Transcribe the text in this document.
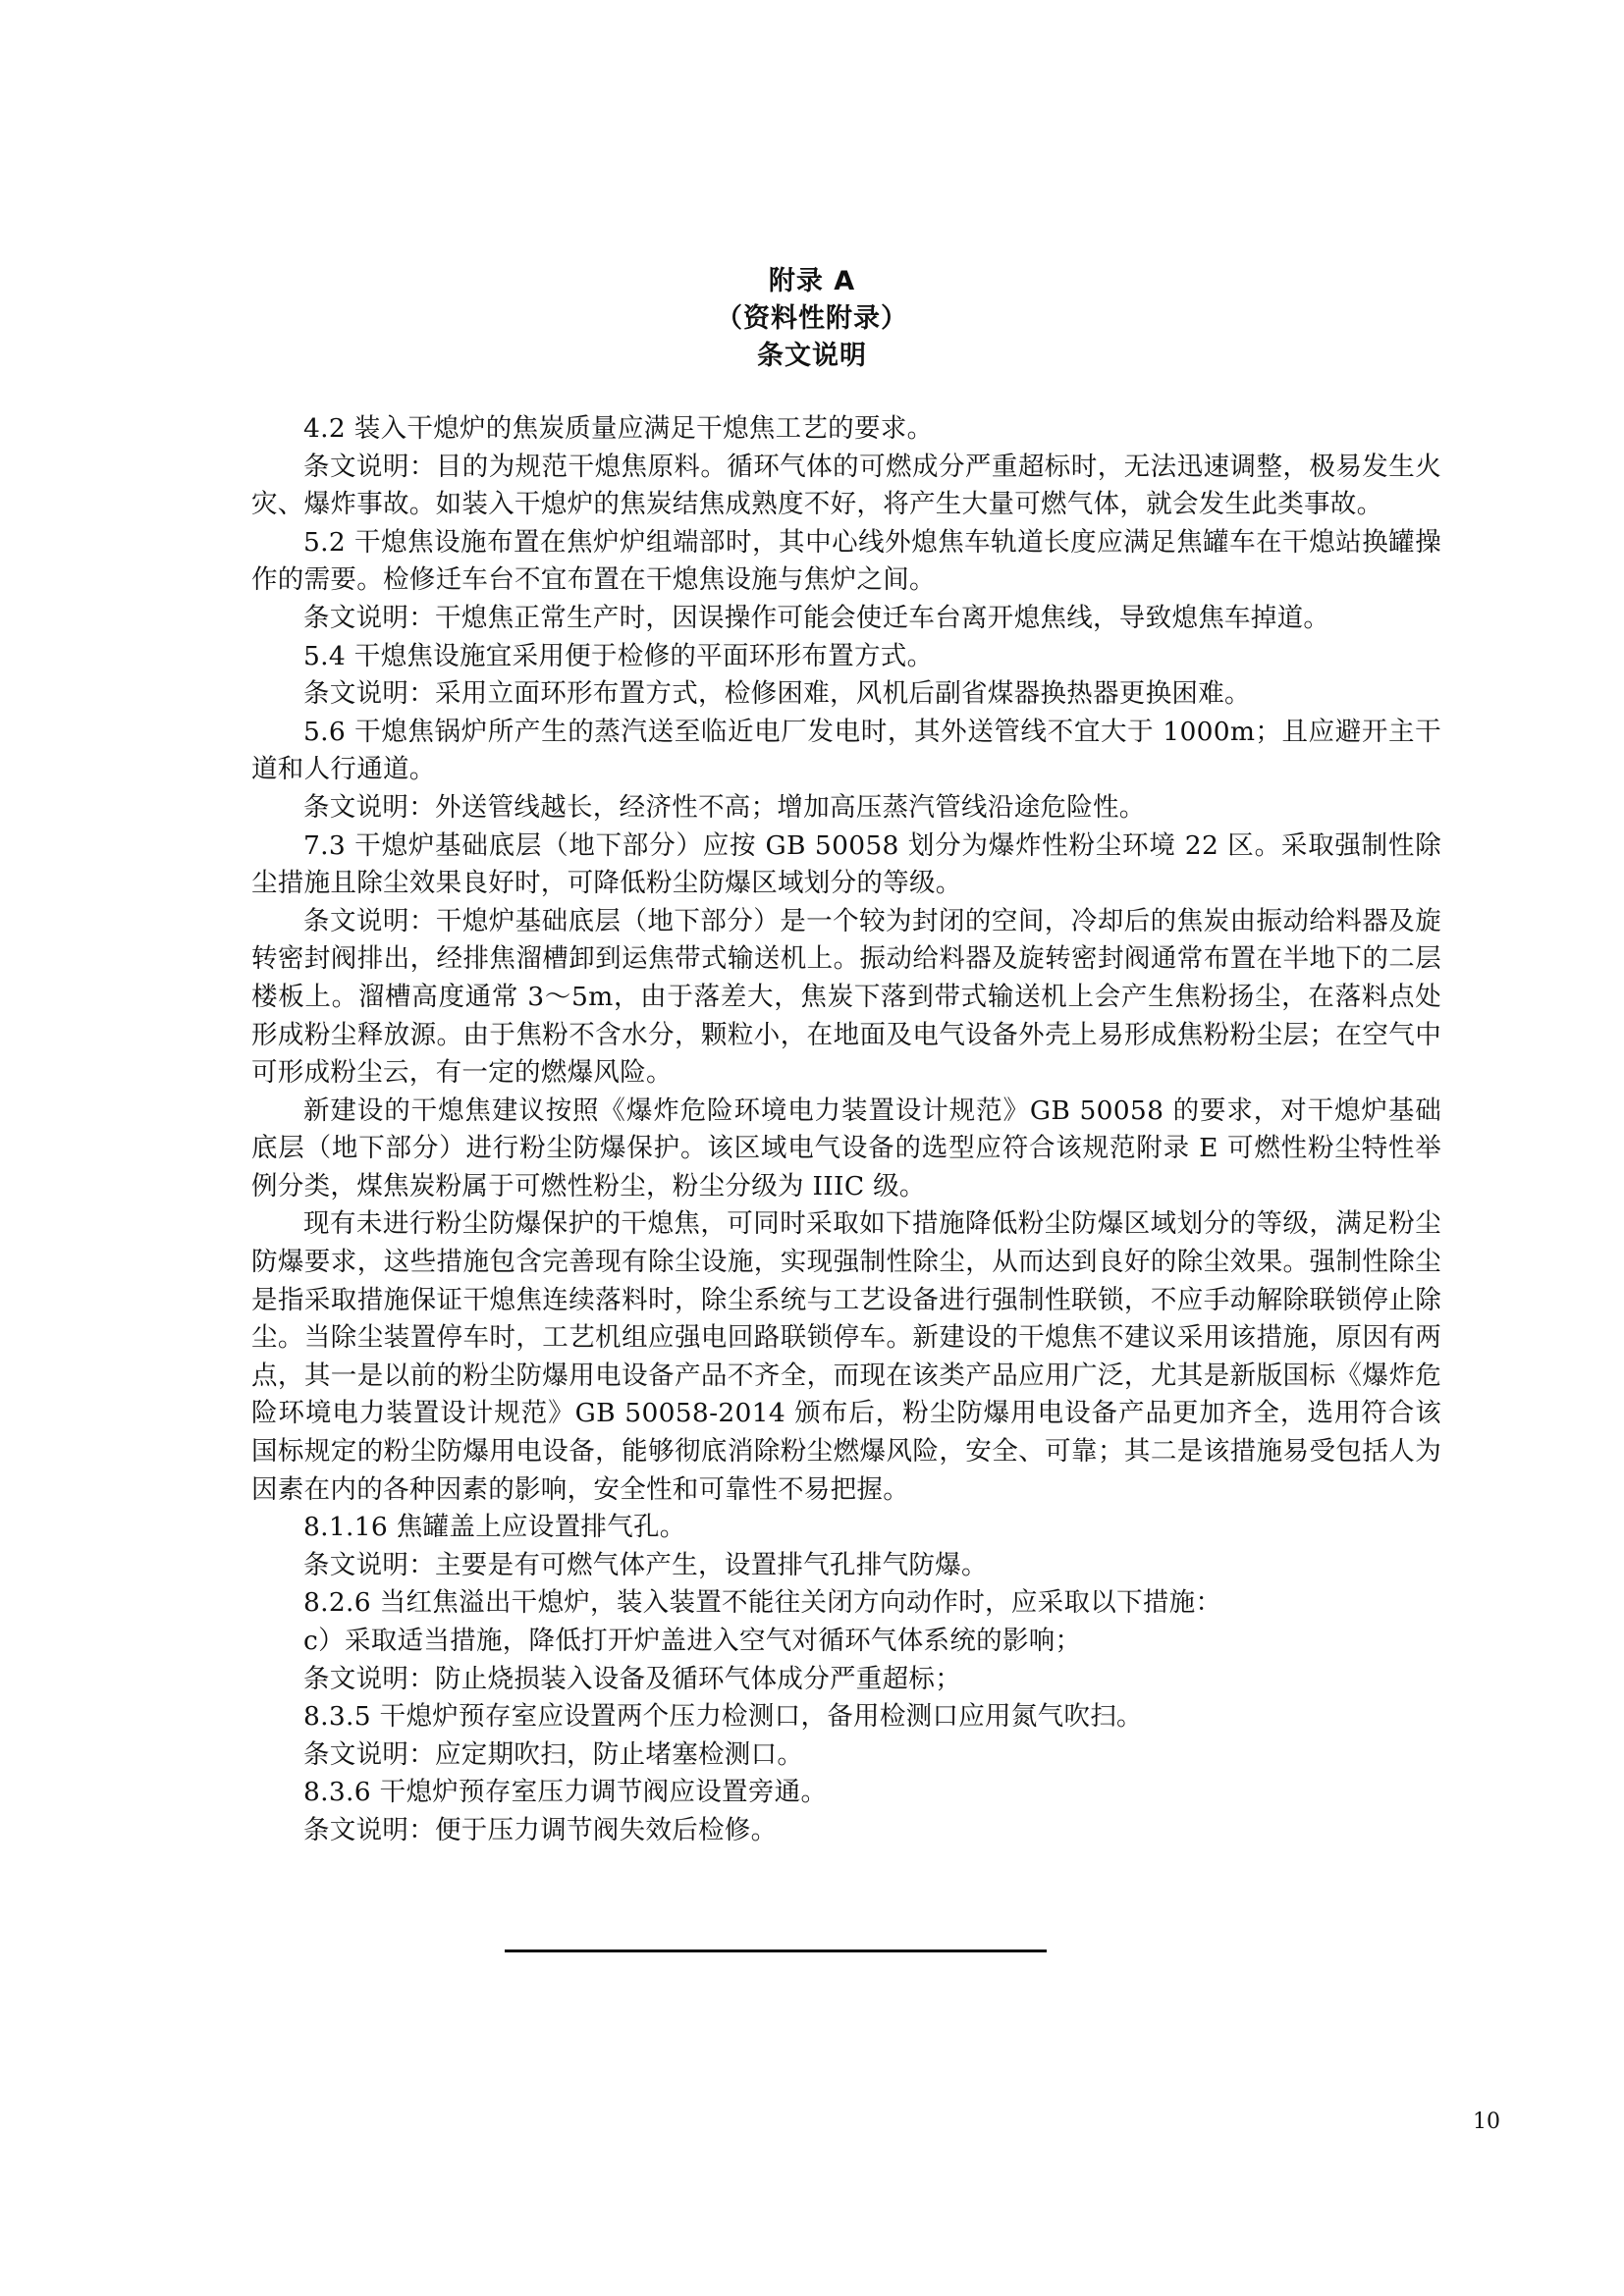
附录 A
（资料性附录）
条文说明

4.2 装入干熄炉的焦炭质量应满足干熄焦工艺的要求。

条文说明：目的为规范干熄焦原料。循环气体的可燃成分严重超标时，无法迅速调整，极易发生火灾、爆炸事故。如装入干熄炉的焦炭结焦成熟度不好，将产生大量可燃气体，就会发生此类事故。

5.2 干熄焦设施布置在焦炉炉组端部时，其中心线外熄焦车轨道长度应满足焦罐车在干熄站换罐操作的需要。检修迁车台不宜布置在干熄焦设施与焦炉之间。

条文说明：干熄焦正常生产时，因误操作可能会使迁车台离开熄焦线，导致熄焦车掉道。

5.4 干熄焦设施宜采用便于检修的平面环形布置方式。

条文说明：采用立面环形布置方式，检修困难，风机后副省煤器换热器更换困难。

5.6 干熄焦锅炉所产生的蒸汽送至临近电厂发电时，其外送管线不宜大于 1000m；且应避开主干道和人行通道。

条文说明：外送管线越长，经济性不高；增加高压蒸汽管线沿途危险性。

7.3 干熄炉基础底层（地下部分）应按 GB 50058 划分为爆炸性粉尘环境 22 区。采取强制性除尘措施且除尘效果良好时，可降低粉尘防爆区域划分的等级。

条文说明：干熄炉基础底层（地下部分）是一个较为封闭的空间，冷却后的焦炭由振动给料器及旋转密封阀排出，经排焦溜槽卸到运焦带式输送机上。振动给料器及旋转密封阀通常布置在半地下的二层楼板上。溜槽高度通常 3～5m，由于落差大，焦炭下落到带式输送机上会产生焦粉扬尘，在落料点处形成粉尘释放源。由于焦粉不含水分，颗粒小，在地面及电气设备外壳上易形成焦粉粉尘层；在空气中可形成粉尘云，有一定的燃爆风险。

新建设的干熄焦建议按照《爆炸危险环境电力装置设计规范》GB 50058 的要求，对干熄炉基础底层（地下部分）进行粉尘防爆保护。该区域电气设备的选型应符合该规范附录 E 可燃性粉尘特性举例分类，煤焦炭粉属于可燃性粉尘，粉尘分级为 IIIC 级。

现有未进行粉尘防爆保护的干熄焦，可同时采取如下措施降低粉尘防爆区域划分的等级，满足粉尘防爆要求，这些措施包含完善现有除尘设施，实现强制性除尘，从而达到良好的除尘效果。强制性除尘是指采取措施保证干熄焦连续落料时，除尘系统与工艺设备进行强制性联锁，不应手动解除联锁停止除尘。当除尘装置停车时，工艺机组应强电回路联锁停车。新建设的干熄焦不建议采用该措施，原因有两点，其一是以前的粉尘防爆用电设备产品不齐全，而现在该类产品应用广泛，尤其是新版国标《爆炸危险环境电力装置设计规范》GB 50058-2014 颁布后，粉尘防爆用电设备产品更加齐全，选用符合该国标规定的粉尘防爆用电设备，能够彻底消除粉尘燃爆风险，安全、可靠；其二是该措施易受包括人为因素在内的各种因素的影响，安全性和可靠性不易把握。

8.1.16 焦罐盖上应设置排气孔。

条文说明：主要是有可燃气体产生，设置排气孔排气防爆。

8.2.6 当红焦溢出干熄炉，装入装置不能往关闭方向动作时，应采取以下措施：

c）采取适当措施，降低打开炉盖进入空气对循环气体系统的影响；

条文说明：防止烧损装入设备及循环气体成分严重超标；

8.3.5 干熄炉预存室应设置两个压力检测口，备用检测口应用氮气吹扫。

条文说明：应定期吹扫，防止堵塞检测口。

8.3.6 干熄炉预存室压力调节阀应设置旁通。

条文说明：便于压力调节阀失效后检修。

10
